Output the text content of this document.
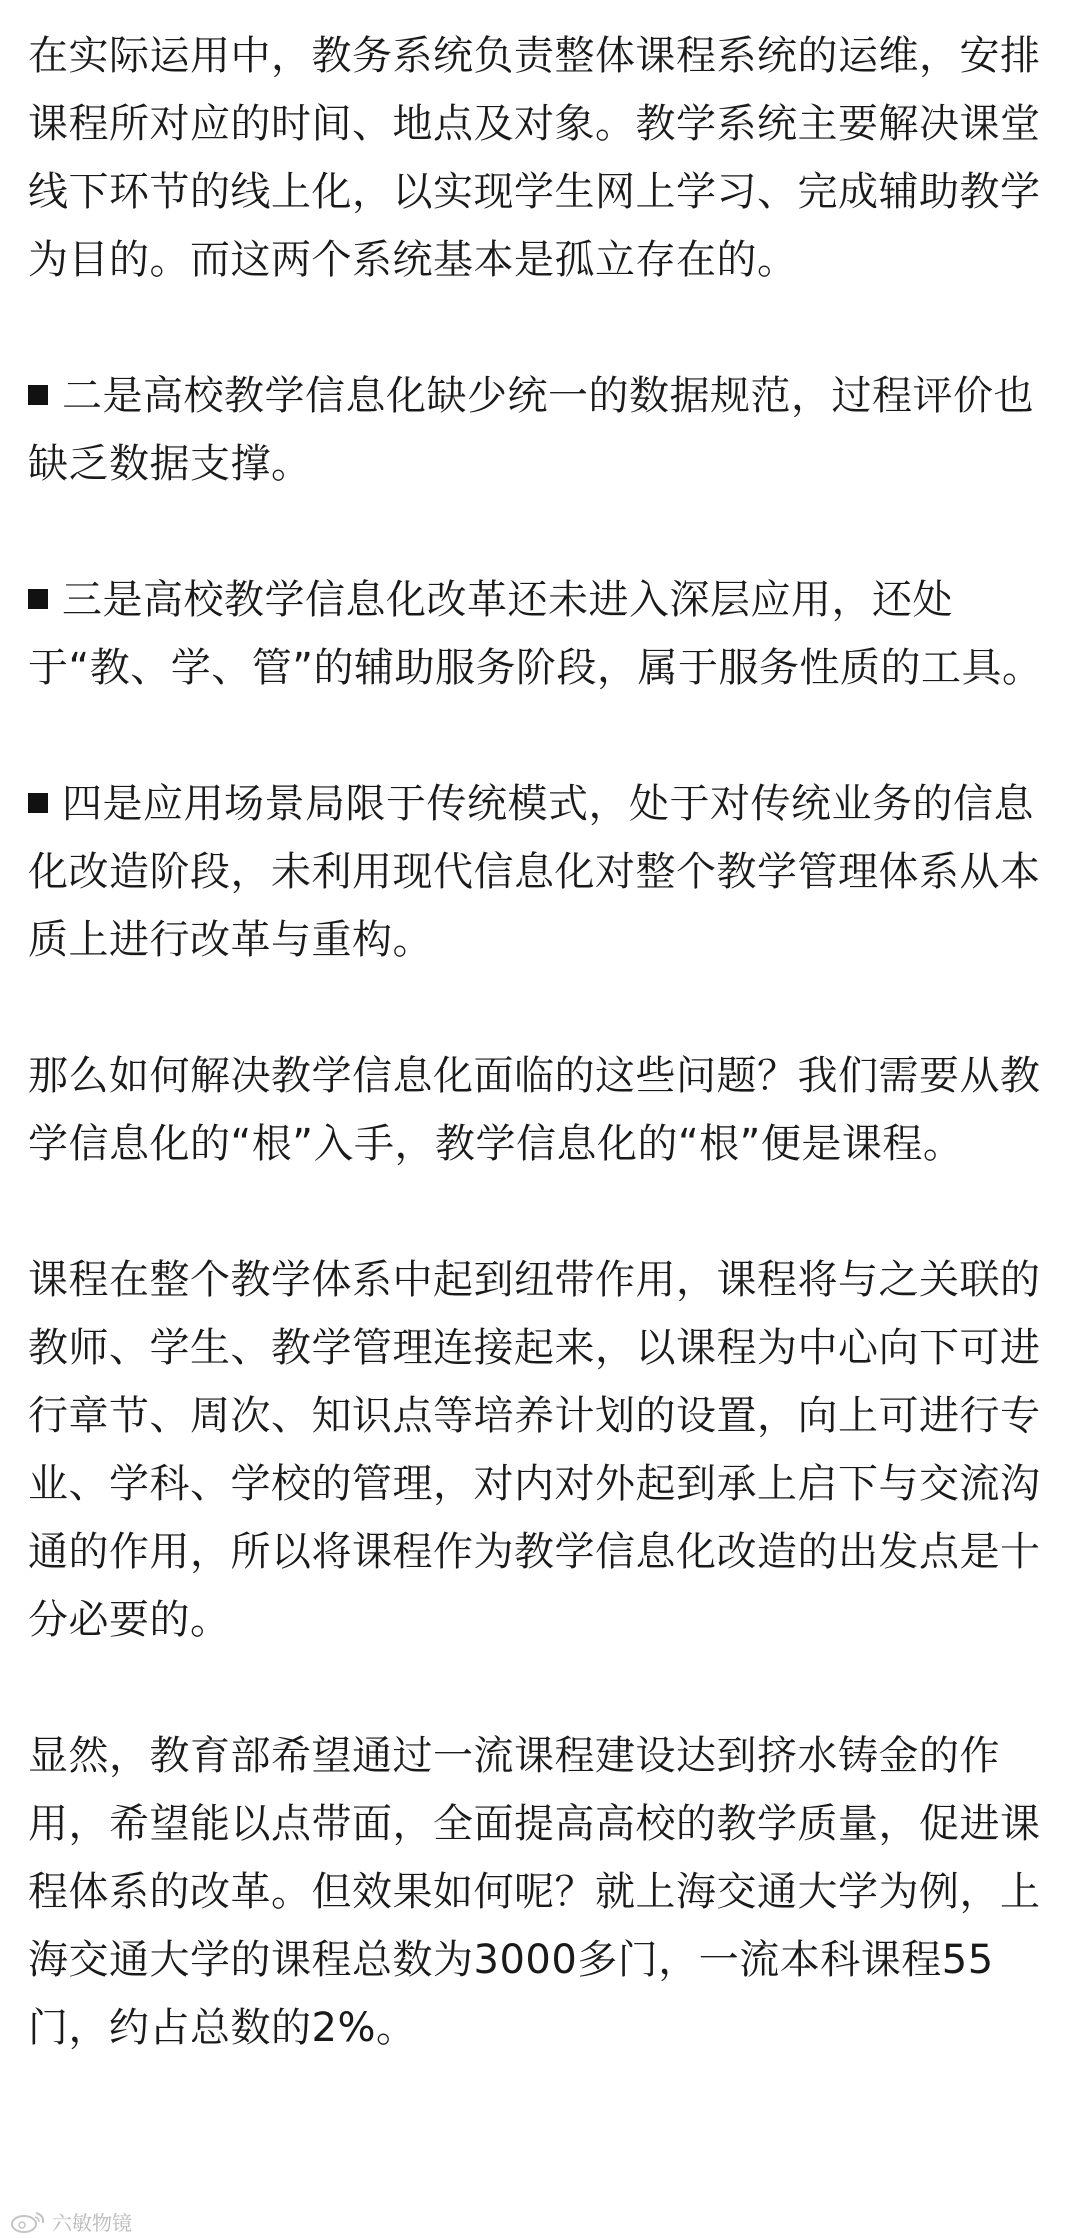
在实际运用中，教务系统负责整体课程系统的运维，安排课程所对应的时间、地点及对象。教学系统主要解决课堂线下环节的线上化，以实现学生网上学习、完成辅助教学为目的。而这两个系统基本是孤立存在的。

二是高校教学信息化缺少统一的数据规范，过程评价也缺乏数据支撑。

三是高校教学信息化改革还未进入深层应用，还处于“教、学、管”的辅助服务阶段，属于服务性质的工具。

四是应用场景局限于传统模式，处于对传统业务的信息化改造阶段，未利用现代信息化对整个教学管理体系从本质上进行改革与重构。

那么如何解决教学信息化面临的这些问题？我们需要从教学信息化的“根”入手，教学信息化的“根”便是课程。

课程在整个教学体系中起到纽带作用，课程将与之关联的教师、学生、教学管理连接起来，以课程为中心向下可进行章节、周次、知识点等培养计划的设置，向上可进行专业、学科、学校的管理，对内对外起到承上启下与交流沟通的作用，所以将课程作为教学信息化改造的出发点是十分必要的。

显然，教育部希望通过一流课程建设达到挤水铸金的作用，希望能以点带面，全面提高高校的教学质量，促进课程体系的改革。但效果如何呢？就上海交通大学为例，上海交通大学的课程总数为3000多门，一流本科课程55门，约占总数的2%。

六敏物镜
